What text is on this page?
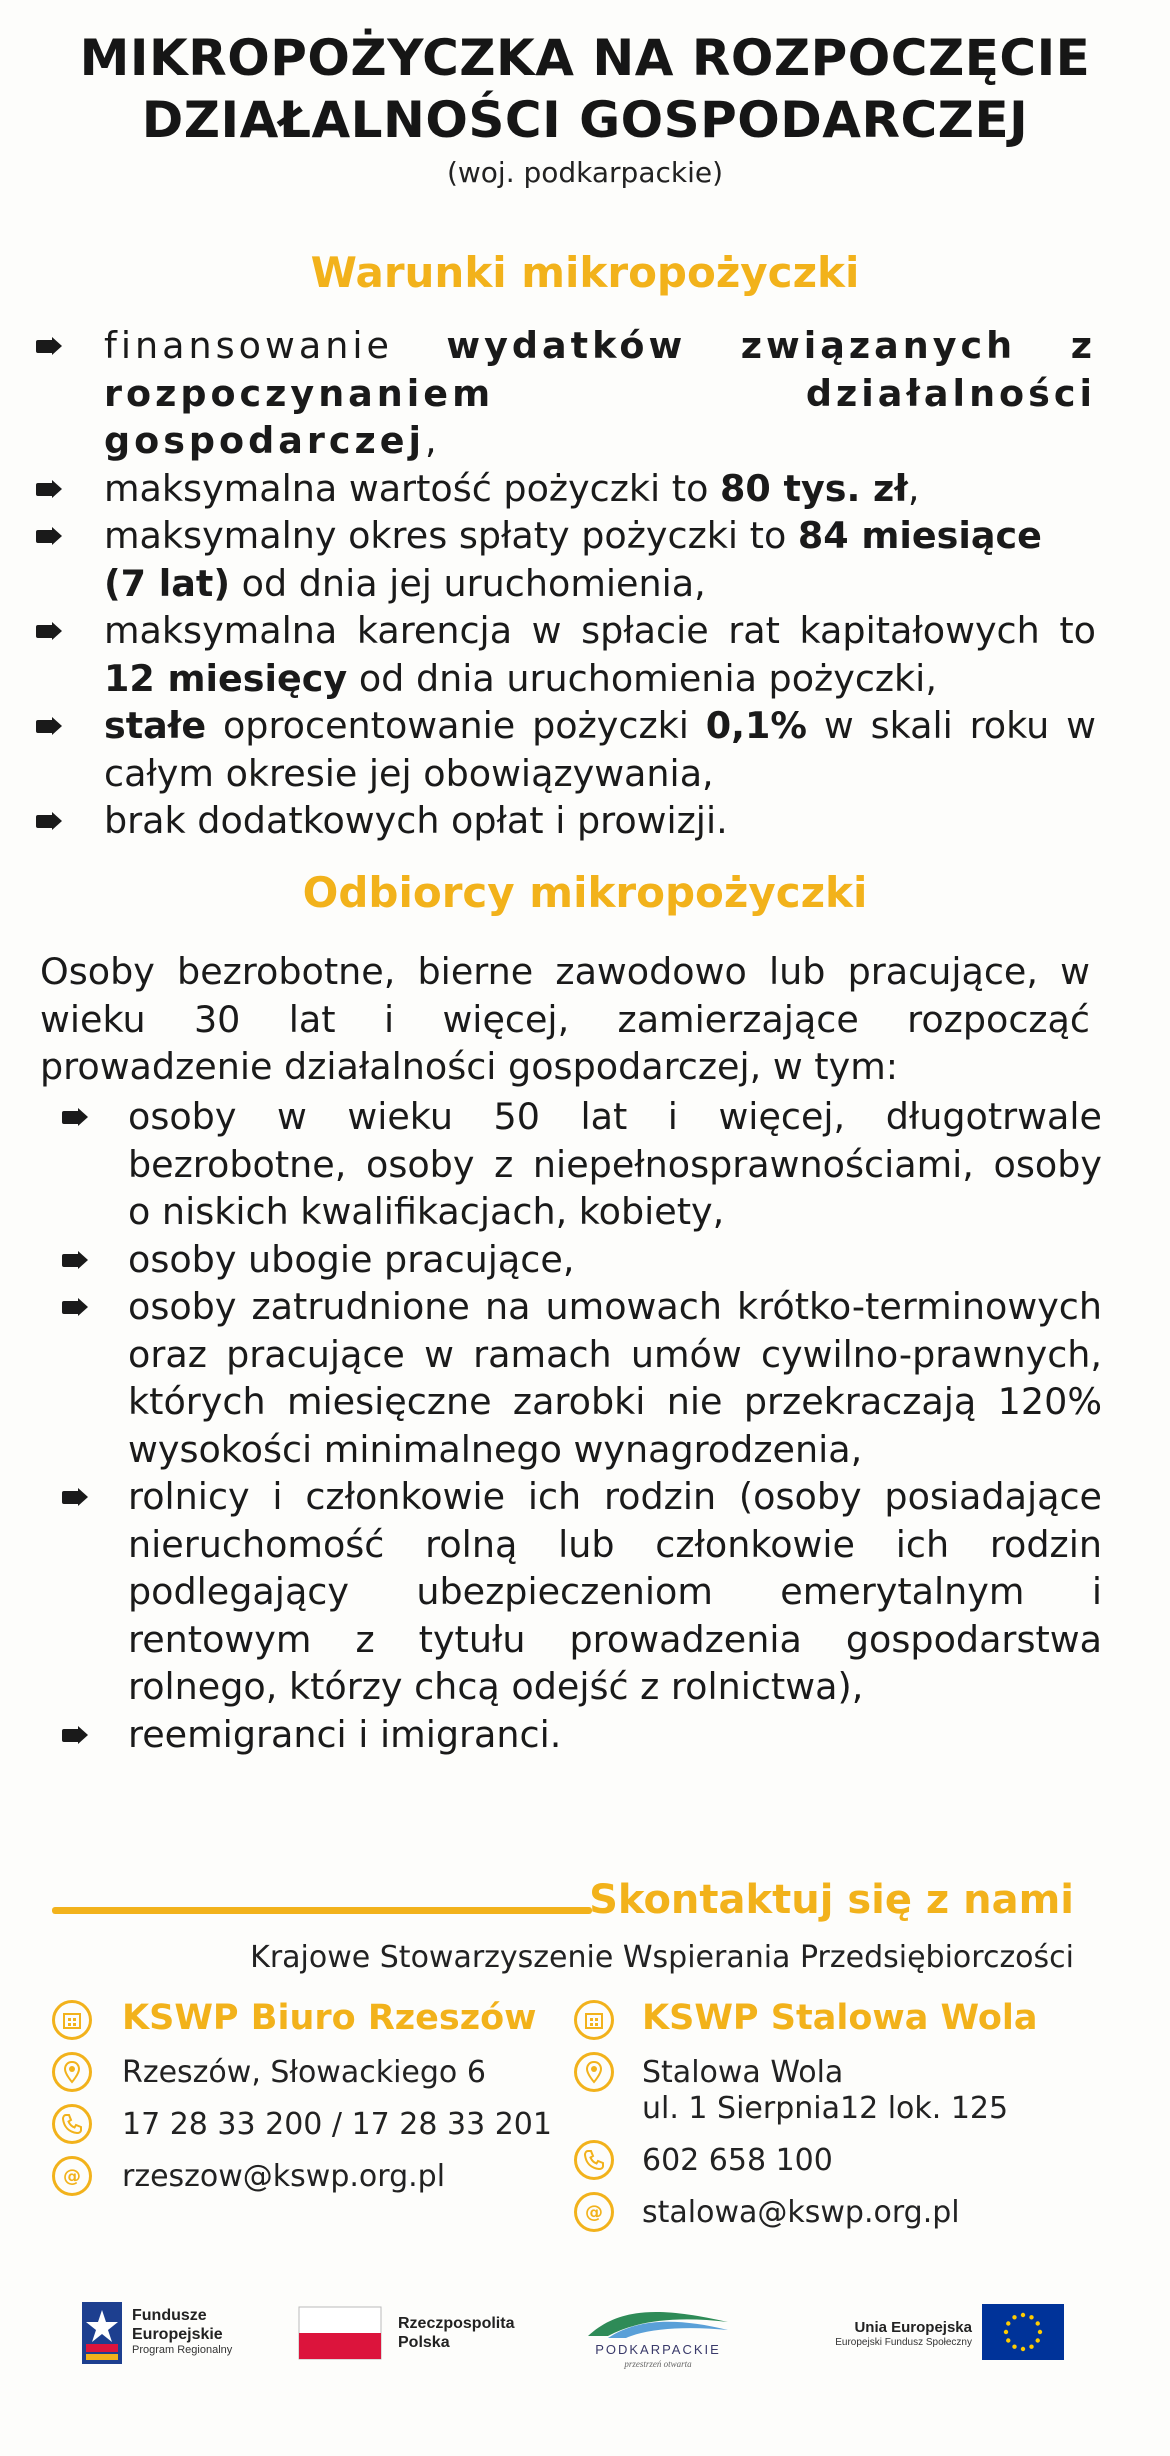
MIKROPOŻYCZKA NA ROZPOCZĘCIE
DZIAŁALNOŚCI GOSPODARCZEJ
(woj. podkarpackie)
Warunki mikropożyczki
finansowanie wydatków związanych z rozpoczynaniem działalności gospodarczej,
maksymalna wartość pożyczki to 80 tys. zł,
maksymalny okres spłaty pożyczki to 84 miesiące (7 lat) od dnia jej uruchomienia,
maksymalna karencja w spłacie rat kapitałowych to 12 miesięcy od dnia uruchomienia pożyczki,
stałe oprocentowanie pożyczki 0,1% w skali roku w całym okresie jej obowiązywania,
brak dodatkowych opłat i prowizji.
Odbiorcy mikropożyczki
Osoby bezrobotne, bierne zawodowo lub pracujące, w wieku 30 lat i więcej, zamierzające rozpocząć prowadzenie działalności gospodarczej, w tym:
osoby w wieku 50 lat i więcej, długotrwale bezrobotne, osoby z niepełnosprawnościami, osoby o niskich kwalifikacjach, kobiety,
osoby ubogie pracujące,
osoby zatrudnione na umowach krótko-terminowych oraz pracujące w ramach umów cywilno-prawnych, których miesięczne zarobki nie przekraczają 120% wysokości minimalnego wynagrodzenia,
rolnicy i członkowie ich rodzin (osoby posiadające nieruchomość rolną lub członkowie ich rodzin podlegający ubezpieczeniom emerytalnym i rentowym z tytułu prowadzenia gospodarstwa rolnego, którzy chcą odejść z rolnictwa),
reemigranci i imigranci.
Skontaktuj się z nami
Krajowe Stowarzyszenie Wspierania Przedsiębiorczości
KSWP Biuro Rzeszów
Rzeszów, Słowackiego 6
17 28 33 200 / 17 28 33 201
@ rzeszow@kswp.org.pl
KSWP Stalowa Wola
Stalowa Wola
ul. 1 Sierpnia12 lok. 125
602 658 100
@ stalowa@kswp.org.pl
Fundusze
Europejskie
Program Regionalny
Rzeczpospolita
Polska	PODKARPACKIE
przestrzeń otwarta
Unia Europejska
Europejski Fundusz Społeczny
